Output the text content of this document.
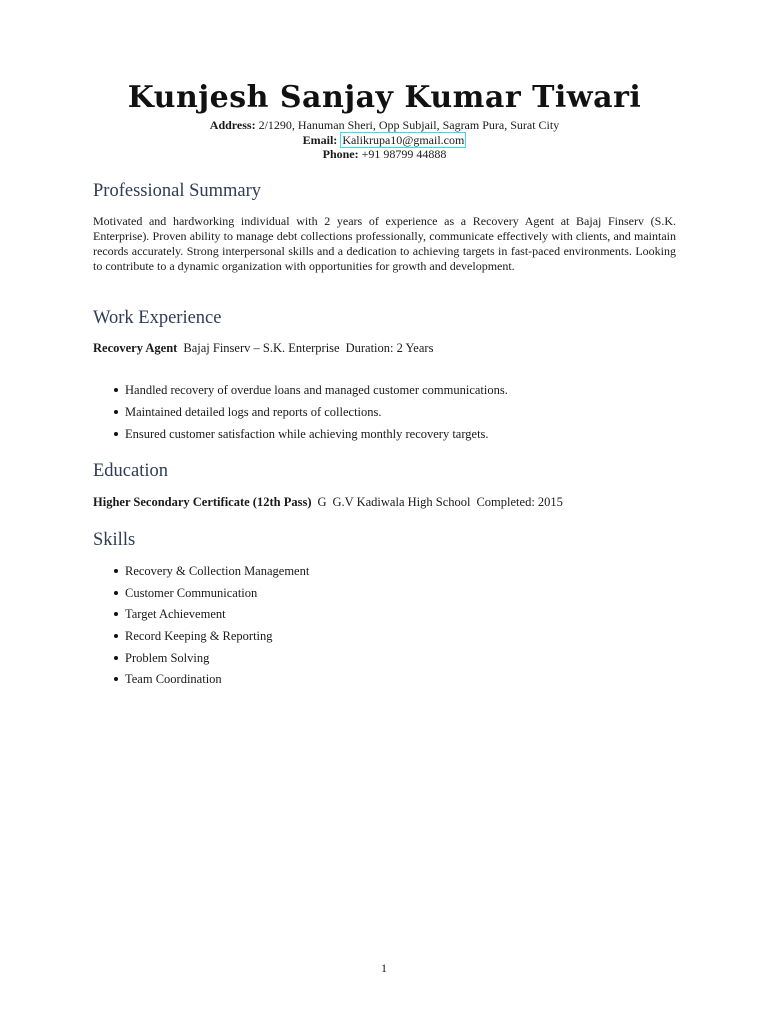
Kunjesh Sanjay Kumar Tiwari
Address: 2/1290, Hanuman Sheri, Opp Subjail, Sagram Pura, Surat City
Email: Kalikrupa10@gmail.com
Phone: +91 98799 44888
Professional Summary
Motivated and hardworking individual with 2 years of experience as a Recovery Agent at Bajaj Finserv (S.K. Enterprise). Proven ability to manage debt collections professionally, communicate effectively with clients, and maintain records accurately. Strong interpersonal skills and a dedication to achieving targets in fast-paced environments. Looking to contribute to a dynamic organization with opportunities for growth and development.
Work Experience
Recovery Agent Bajaj Finserv – S.K. Enterprise Duration: 2 Years
Handled recovery of overdue loans and managed customer communications.
Maintained detailed logs and reports of collections.
Ensured customer satisfaction while achieving monthly recovery targets.
Education
Higher Secondary Certificate (12th Pass) G G.V Kadiwala High School Completed: 2015
Skills
Recovery & Collection Management
Customer Communication
Target Achievement
Record Keeping & Reporting
Problem Solving
Team Coordination
1
